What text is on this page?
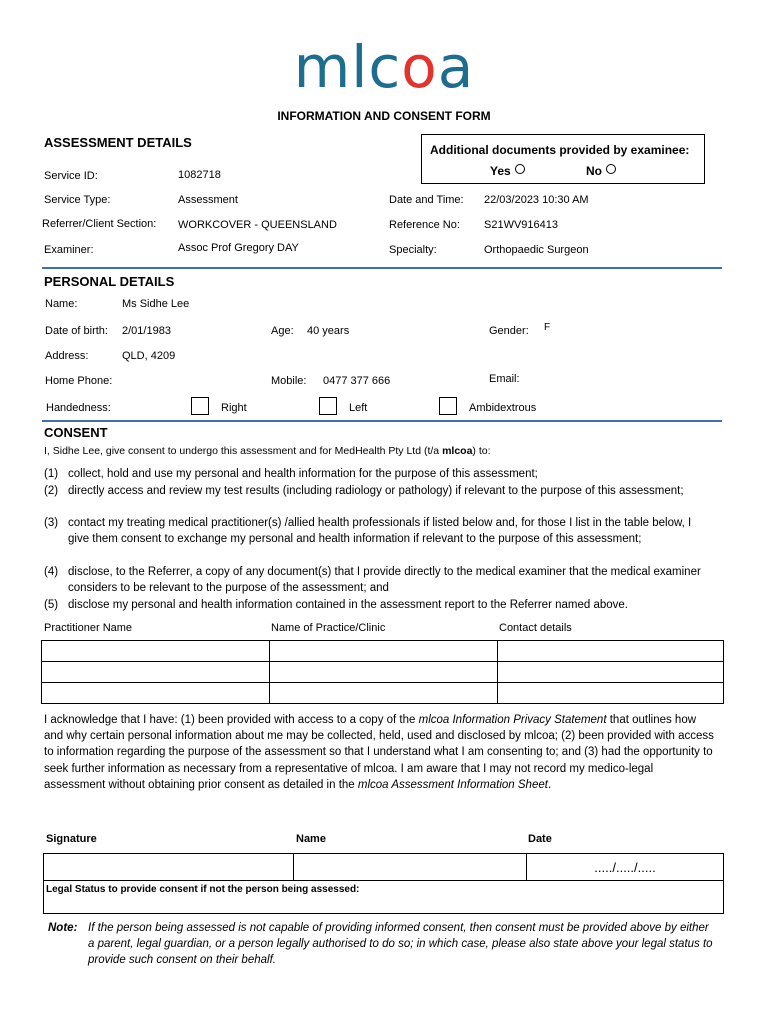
mlcoa
INFORMATION AND CONSENT FORM
ASSESSMENT DETAILS	Additional documents provided by examinee:
Yes	No
Service ID:	1082718
Service Type:	Assessment
Referrer/Client Section: WORKCOVER - QUEENSLAND
Examiner:	Assoc Prof Gregory DAY
Date and Time: 22/03/2023 10:30 AM
Reference No: S21WV916413
Specialty:	Orthopaedic Surgeon
PERSONAL DETAILS
Name:	Ms Sidhe Lee
Date of birth: 2/01/1983	Age: 40 years	Gender: F
Address:	QLD, 4209
Home Phone:	Mobile: 0477 377 666	Email:
Handedness:	Right	Left	Ambidextrous
CONSENT
I, Sidhe Lee, give consent to undergo this assessment and for MedHealth Pty Ltd (t/a mlcoa) to:
(1) collect, hold and use my personal and health information for the purpose of this assessment;
(2) directly access and review my test results (including radiology or pathology) if relevant to the purpose of this assessment;
(3) contact my treating medical practitioner(s) /allied health professionals if listed below and, for those I list in the table below, I give them consent to exchange my personal and health information if relevant to the purpose of this assessment;
(4) disclose, to the Referrer, a copy of any document(s) that I provide directly to the medical examiner that the medical examiner considers to be relevant to the purpose of the assessment; and
(5) disclose my personal and health information contained in the assessment report to the Referrer named above.
Practitioner Name	Name of Practice/Clinic	Contact details

I acknowledge that I have: (1) been provided with access to a copy of the mlcoa Information Privacy Statement that outlines how and why certain personal information about me may be collected, held, used and disclosed by mlcoa; (2) been provided with access to information regarding the purpose of the assessment so that I understand what I am consenting to; and (3) had the opportunity to seek further information as necessary from a representative of mlcoa. I am aware that I may not record my medico-legal assessment without obtaining prior consent as detailed in the mlcoa Assessment Information Sheet.
Signature	Name	Date
		...../...../.....
Legal Status to provide consent if not the person being assessed:
Note: If the person being assessed is not capable of providing informed consent, then consent must be provided above by either a parent, legal guardian, or a person legally authorised to do so; in which case, please also state above your legal status to provide such consent on their behalf.
